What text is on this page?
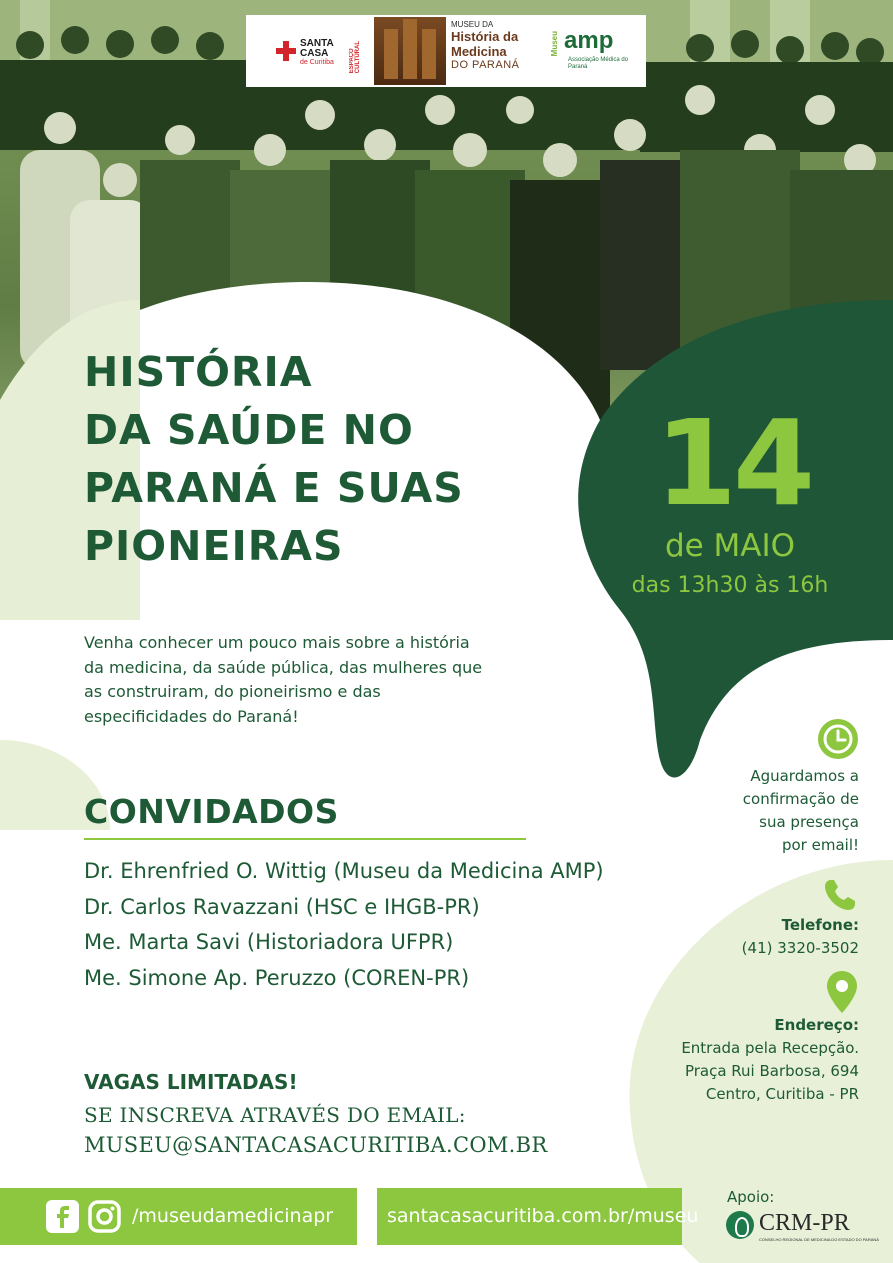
SANTA
CASA
de Curitiba	ESPAÇO CULTURAL
MUSEU DA
História da
Medicina
DO PARANÁ
Museu amp
Associação Médica do Paraná
HISTÓRIA
DA SAÚDE NO
PARANÁ E SUAS
PIONEIRAS
14
de MAIO
das 13h30 às 16h
Venha conhecer um pouco mais sobre a história
da medicina, da saúde pública, das mulheres que
as construiram, do pioneirismo e das
especificidades do Paraná!
CONVIDADOS
Dr. Ehrenfried O. Wittig (Museu da Medicina AMP)
Dr. Carlos Ravazzani (HSC e IHGB-PR)
Me. Marta Savi (Historiadora UFPR)
Me. Simone Ap. Peruzzo (COREN-PR)
VAGAS LIMITADAS!
SE INSCREVA ATRAVÉS DO EMAIL:
MUSEU@SANTACASACURITIBA.COM.BR
Aguardamos a
confirmação de
sua presença
por email!
Telefone:
(41) 3320-3502
Endereço:
Entrada pela Recepção.
Praça Rui Barbosa, 694
Centro, Curitiba - PR
/museudamedicinapr	santacasacuritiba.com.br/museu
Apoio:
CRM-PR
CONSELHO REGIONAL DE MEDICINA DO ESTADO DO PARANÁ
